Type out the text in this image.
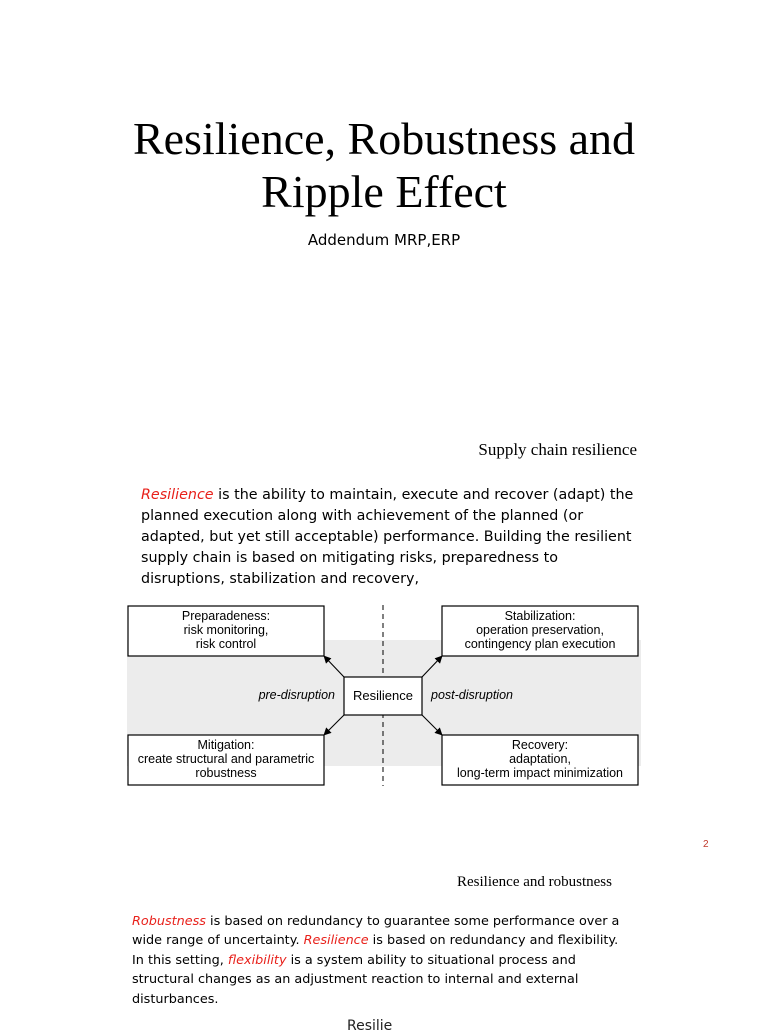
Resilience, Robustness and
Ripple Effect
Addendum MRP,ERP
Supply chain resilience

Resilience is the ability to maintain, execute and recover (adapt) the planned execution along with achievement of the planned (or adapted, but yet still acceptable) performance. Building the resilient supply chain is based on mitigating risks, preparedness to disruptions, stabilization and recovery,

Preparadeness:
risk monitoring,
risk control
Stabilization:
operation preservation,
contingency plan execution
Resilience
pre-disruption	post-disruption
Mitigation:
create structural and parametric
robustness
Recovery:
adaptation,
long-term impact minimization
2
Resilience and robustness

Robustness is based on redundancy to guarantee some performance over a wide range of uncertainty. Resilience is based on redundancy and flexibility. In this setting, flexibility is a system ability to situational process and structural changes as an adjustment reaction to internal and external disturbances.

Resilie
